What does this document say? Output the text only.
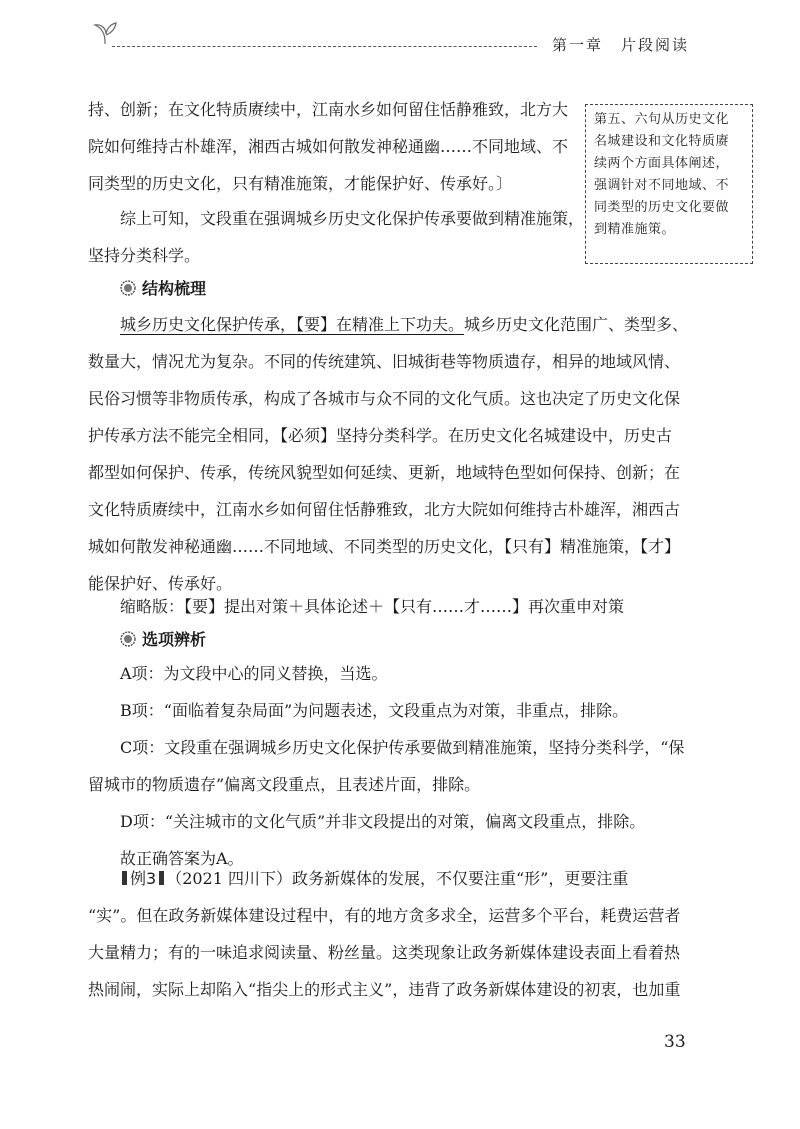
第一章 片段阅读
持、创新；在文化特质赓续中，江南水乡如何留住恬静雅致，北方大
院如何维持古朴雄浑，湘西古城如何散发神秘通幽……不同地域、不
同类型的历史文化，只有精准施策，才能保护好、传承好。〕
综上可知，文段重在强调城乡历史文化保护传承要做到精准施策，
坚持分类科学。
第五、六句从历史文化
名城建设和文化特质赓
续两个方面具体阐述，
强调针对不同地域、不
同类型的历史文化要做
到精准施策。
结构梳理
城乡历史文化保护传承，【要】在精准上下功夫。城乡历史文化范围广、类型多、
数量大，情况尤为复杂。不同的传统建筑、旧城街巷等物质遗存，相异的地域风情、
民俗习惯等非物质传承，构成了各城市与众不同的文化气质。这也决定了历史文化保
护传承方法不能完全相同，【必须】坚持分类科学。在历史文化名城建设中，历史古
都型如何保护、传承，传统风貌型如何延续、更新，地域特色型如何保持、创新；在
文化特质赓续中，江南水乡如何留住恬静雅致，北方大院如何维持古朴雄浑，湘西古
城如何散发神秘通幽……不同地域、不同类型的历史文化，【只有】精准施策，【才】
能保护好、传承好。
缩略版：【要】提出对策＋具体论述＋【只有……才……】再次重申对策
选项辨析
A项：为文段中心的同义替换，当选。
B项：“面临着复杂局面”为问题表述，文段重点为对策，非重点，排除。
C项：文段重在强调城乡历史文化保护传承要做到精准施策，坚持分类科学，“保
留城市的物质遗存”偏离文段重点，且表述片面，排除。
D项：“关注城市的文化气质”并非文段提出的对策，偏离文段重点，排除。
故正确答案为A。
例3 （2021 四川下）政务新媒体的发展，不仅要注重“形”，更要注重
“实”。但在政务新媒体建设过程中，有的地方贪多求全，运营多个平台，耗费运营者
大量精力；有的一味追求阅读量、粉丝量。这类现象让政务新媒体建设表面上看着热
热闹闹，实际上却陷入“指尖上的形式主义”，违背了政务新媒体建设的初衷，也加重
33
